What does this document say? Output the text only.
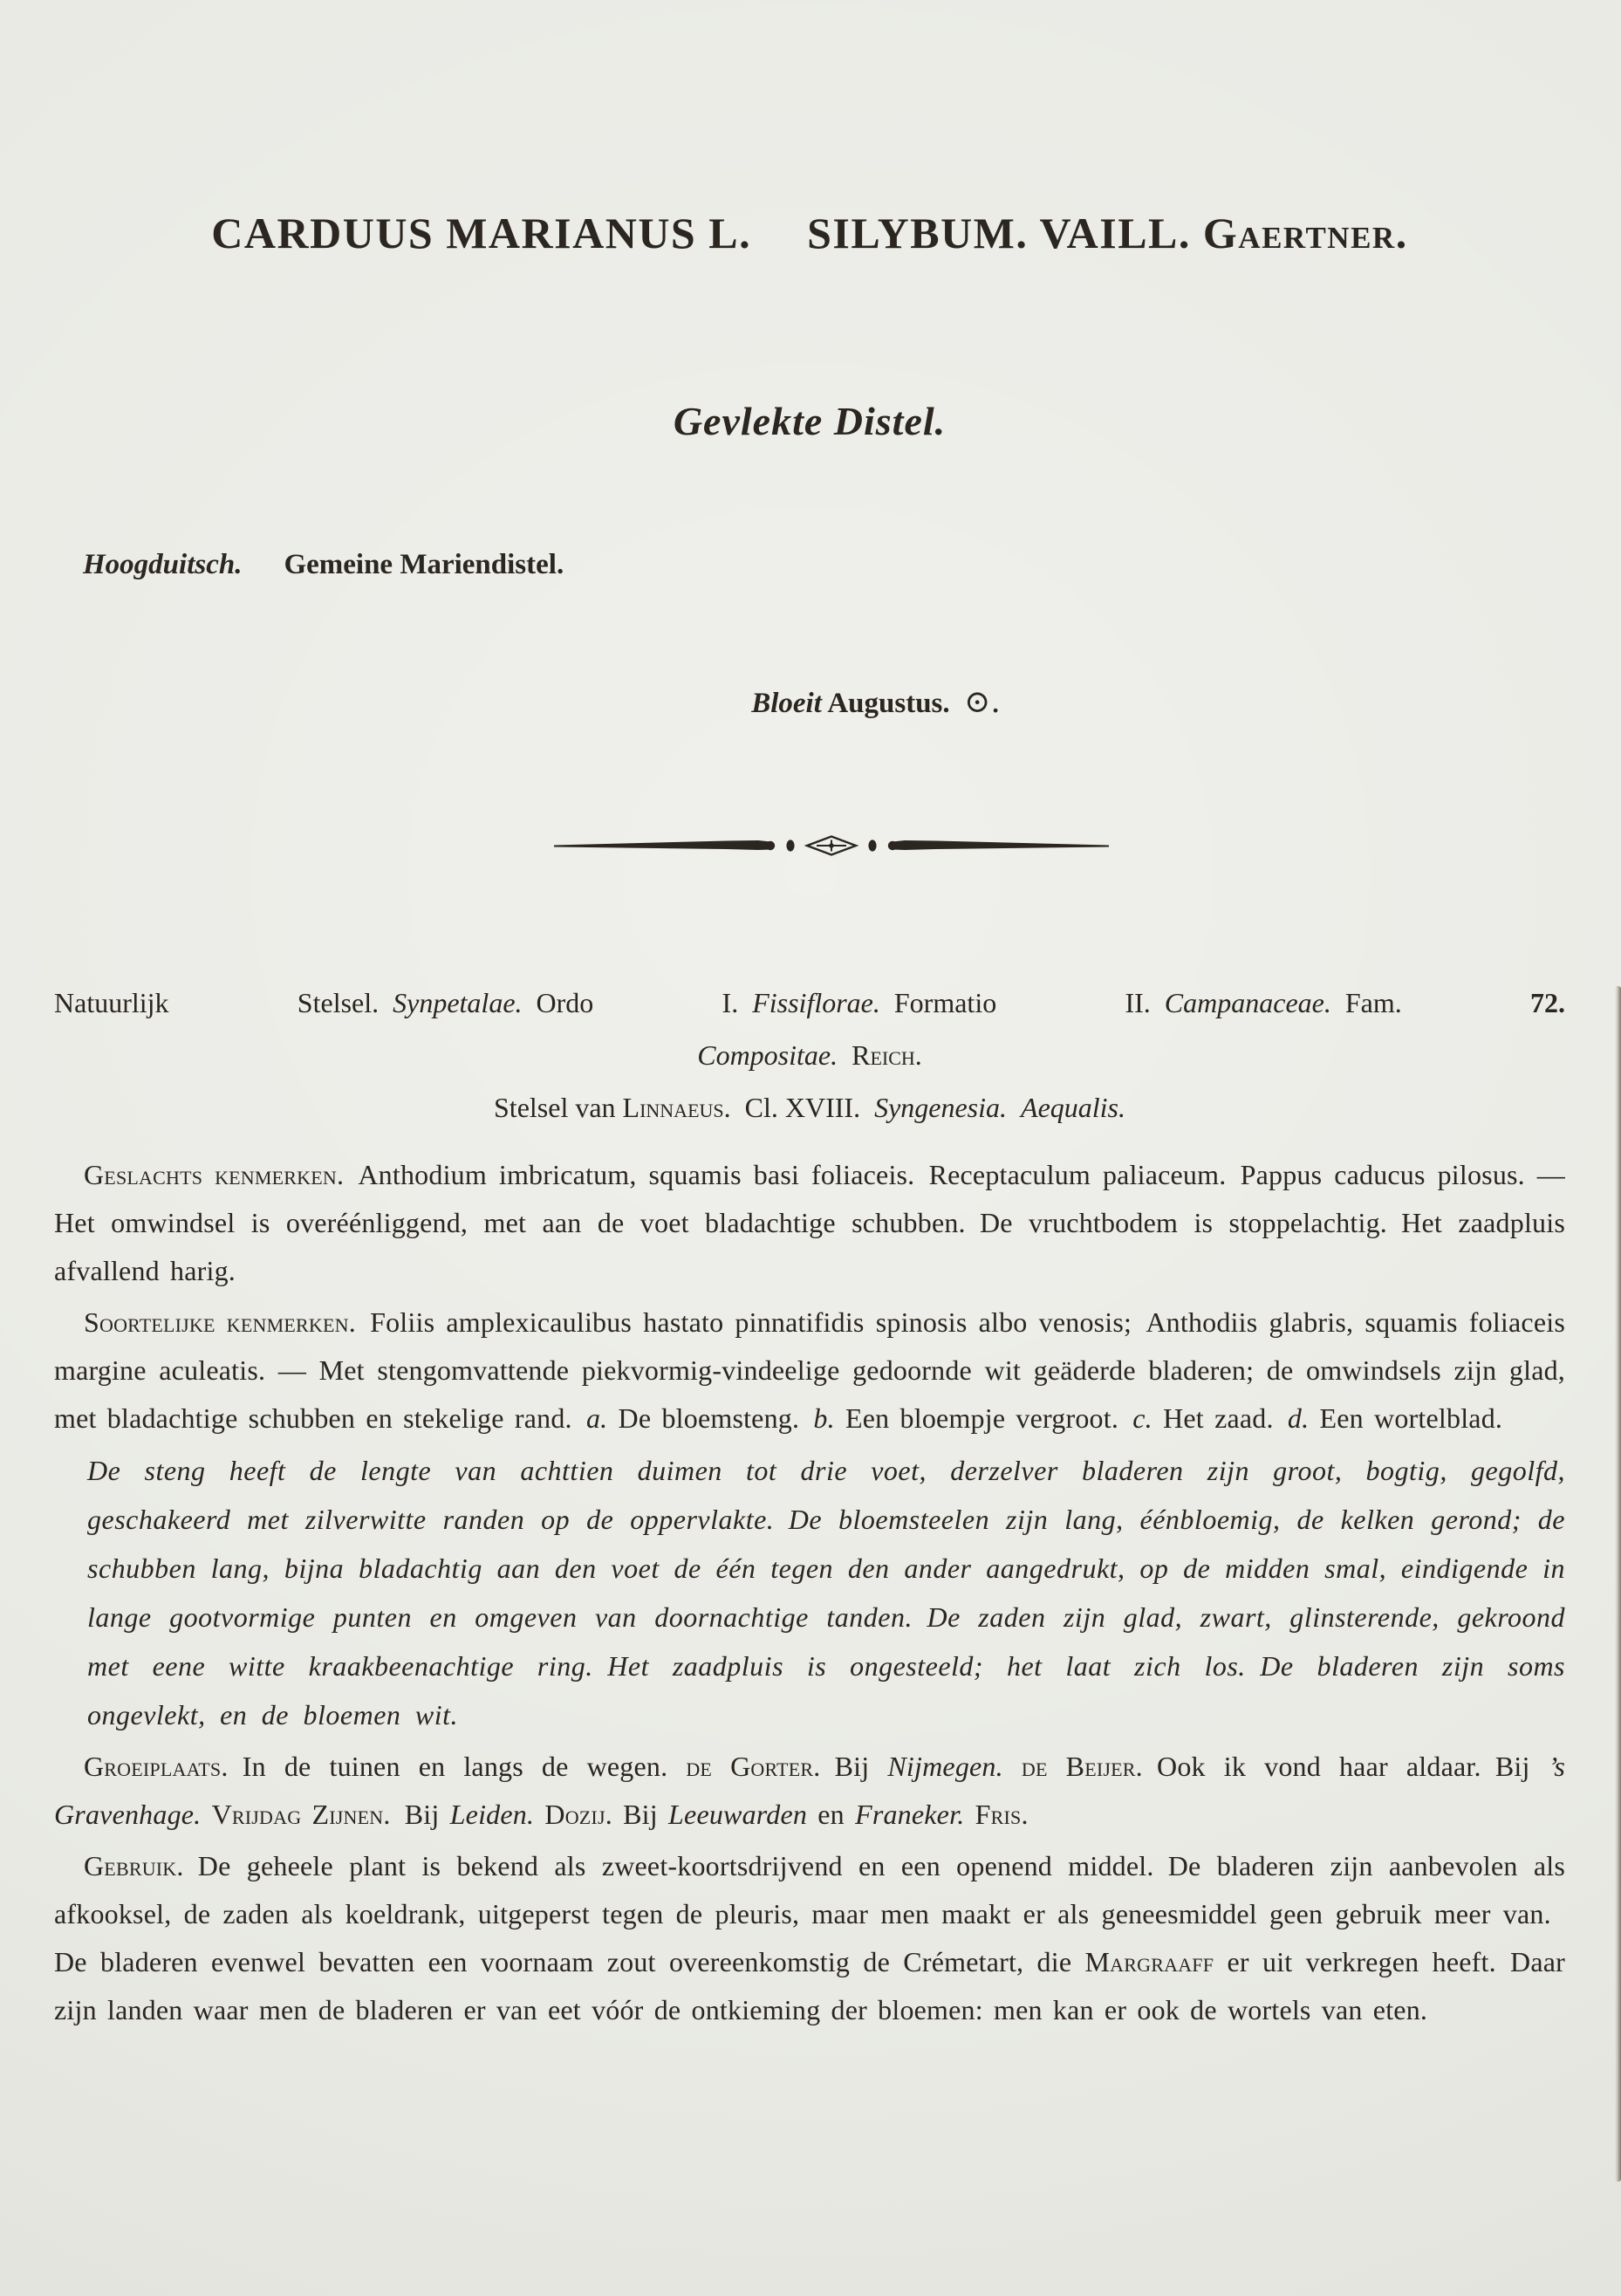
CARDUUS MARIANUS L. SILYBUM. VAILL. Gaertner.
Gevlekte Distel.
Hoogduitsch. Gemeine Mariendistel.
Bloeit Augustus. ⊙.
Natuurlijk Stelsel. Synpetalae. Ordo I. Fissiflorae. Formatio II. Campanaceae. Fam. 72.
Compositae.  Reich.
Stelsel van Linnaeus. Cl. XVIII. Syngenesia.  Aequalis.

Geslachts kenmerken. Anthodium imbricatum, squamis basi foliaceis. Receptaculum paliaceum. Pappus caducus pilosus. — Het omwindsel is overéénliggend, met aan de voet bladachtige schubben. De vruchtbodem is stoppelachtig. Het zaadpluis afvallend harig.

Soortelijke kenmerken. Foliis amplexicaulibus hastato pinnatifidis spinosis albo venosis; Anthodiis glabris, squamis foliaceis margine aculeatis. — Met stengomvattende piekvormig-vindeelige gedoornde wit geäderde bladeren; de omwindsels zijn glad, met bladachtige schubben en stekelige rand. a. De bloemsteng. b. Een bloempje vergroot. c. Het zaad. d. Een wortelblad.

De steng heeft de lengte van achttien duimen tot drie voet, derzelver bladeren zijn groot, bogtig, gegolfd, geschakeerd met zilverwitte randen op de oppervlakte. De bloemsteelen zijn lang, éénbloemig, de kelken gerond; de schubben lang, bijna bladachtig aan den voet de één tegen den ander aangedrukt, op de midden smal, eindigende in lange gootvormige punten en omgeven van doornachtige tanden. De zaden zijn glad, zwart, glinsterende, gekroond met eene witte kraakbeenachtige ring. Het zaadpluis is ongesteeld; het laat zich los. De bladeren zijn soms ongevlekt, en de bloemen wit.

Groeiplaats. In de tuinen en langs de wegen. de Gorter. Bij Nijmegen. de Beijer. Ook ik vond haar aldaar. Bij ’s Gravenhage. Vrijdag Zijnen. Bij Leiden. Dozij. Bij Leeuwarden en Franeker. Fris.

Gebruik. De geheele plant is bekend als zweet-koortsdrijvend en een openend middel. De bladeren zijn aanbevolen als afkooksel, de zaden als koeldrank, uitgeperst tegen de pleuris, maar men maakt er als geneesmiddel geen gebruik meer van. De bladeren evenwel bevatten een voornaam zout overeenkomstig de Crémetart, die Margraaff er uit verkregen heeft. Daar zijn landen waar men de bladeren er van eet vóór de ontkieming der bloemen: men kan er ook de wortels van eten.
